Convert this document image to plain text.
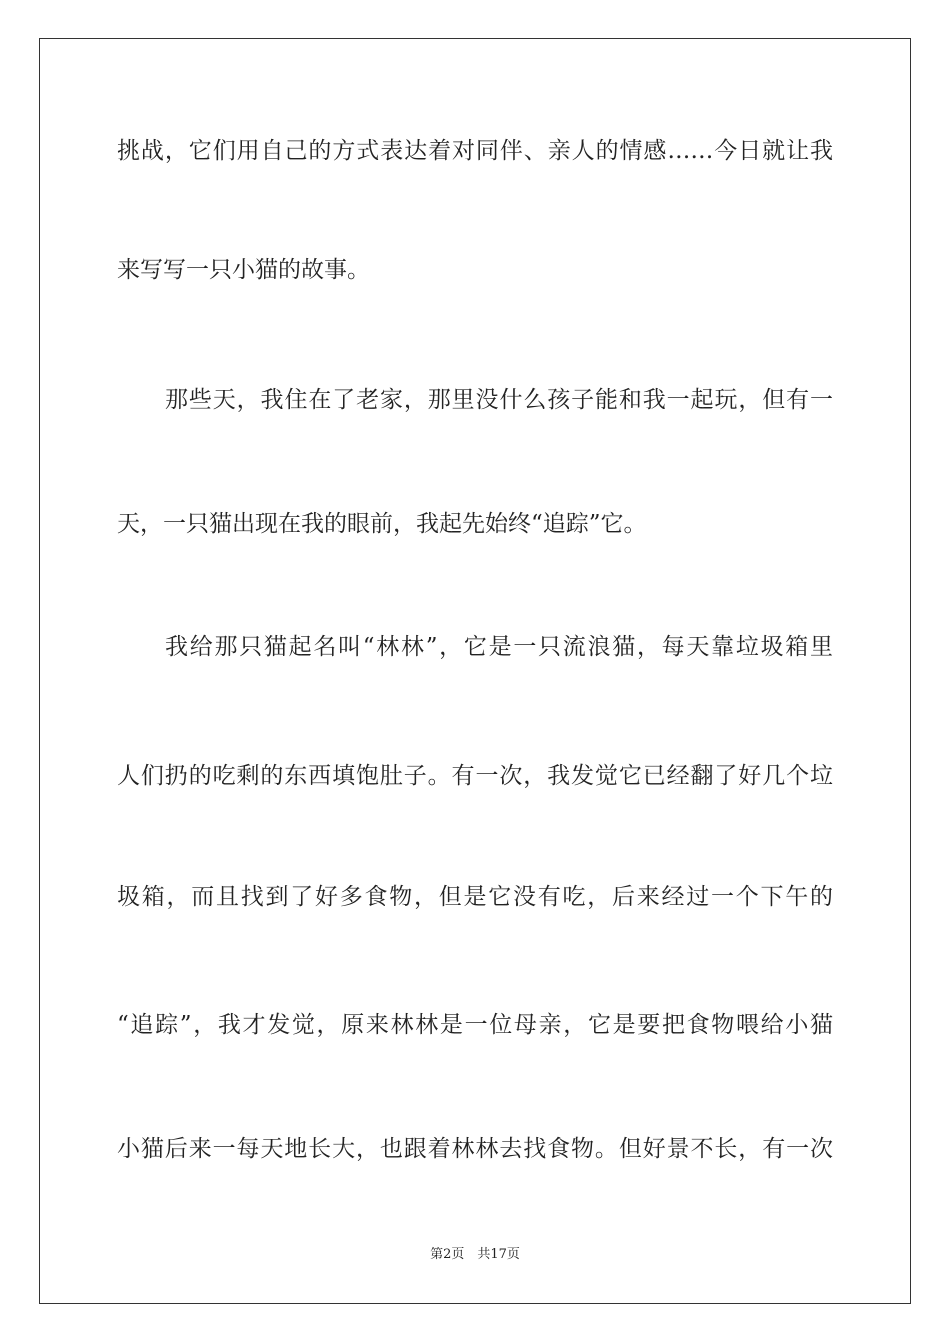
挑战，它们用自己的方式表达着对同伴、亲人的情感……今日就让我
来写写一只小猫的故事。
那些天，我住在了老家，那里没什么孩子能和我一起玩，但有一
天，一只猫出现在我的眼前，我起先始终“追踪”它。
我给那只猫起名叫“林林”，它是一只流浪猫，每天靠垃圾箱里
人们扔的吃剩的东西填饱肚子。有一次，我发觉它已经翻了好几个垃
圾箱，而且找到了好多食物，但是它没有吃，后来经过一个下午的
“追踪”，我才发觉，原来林林是一位母亲，它是要把食物喂给小猫
小猫后来一每天地长大，也跟着林林去找食物。但好景不长，有一次
第2页　共17页
